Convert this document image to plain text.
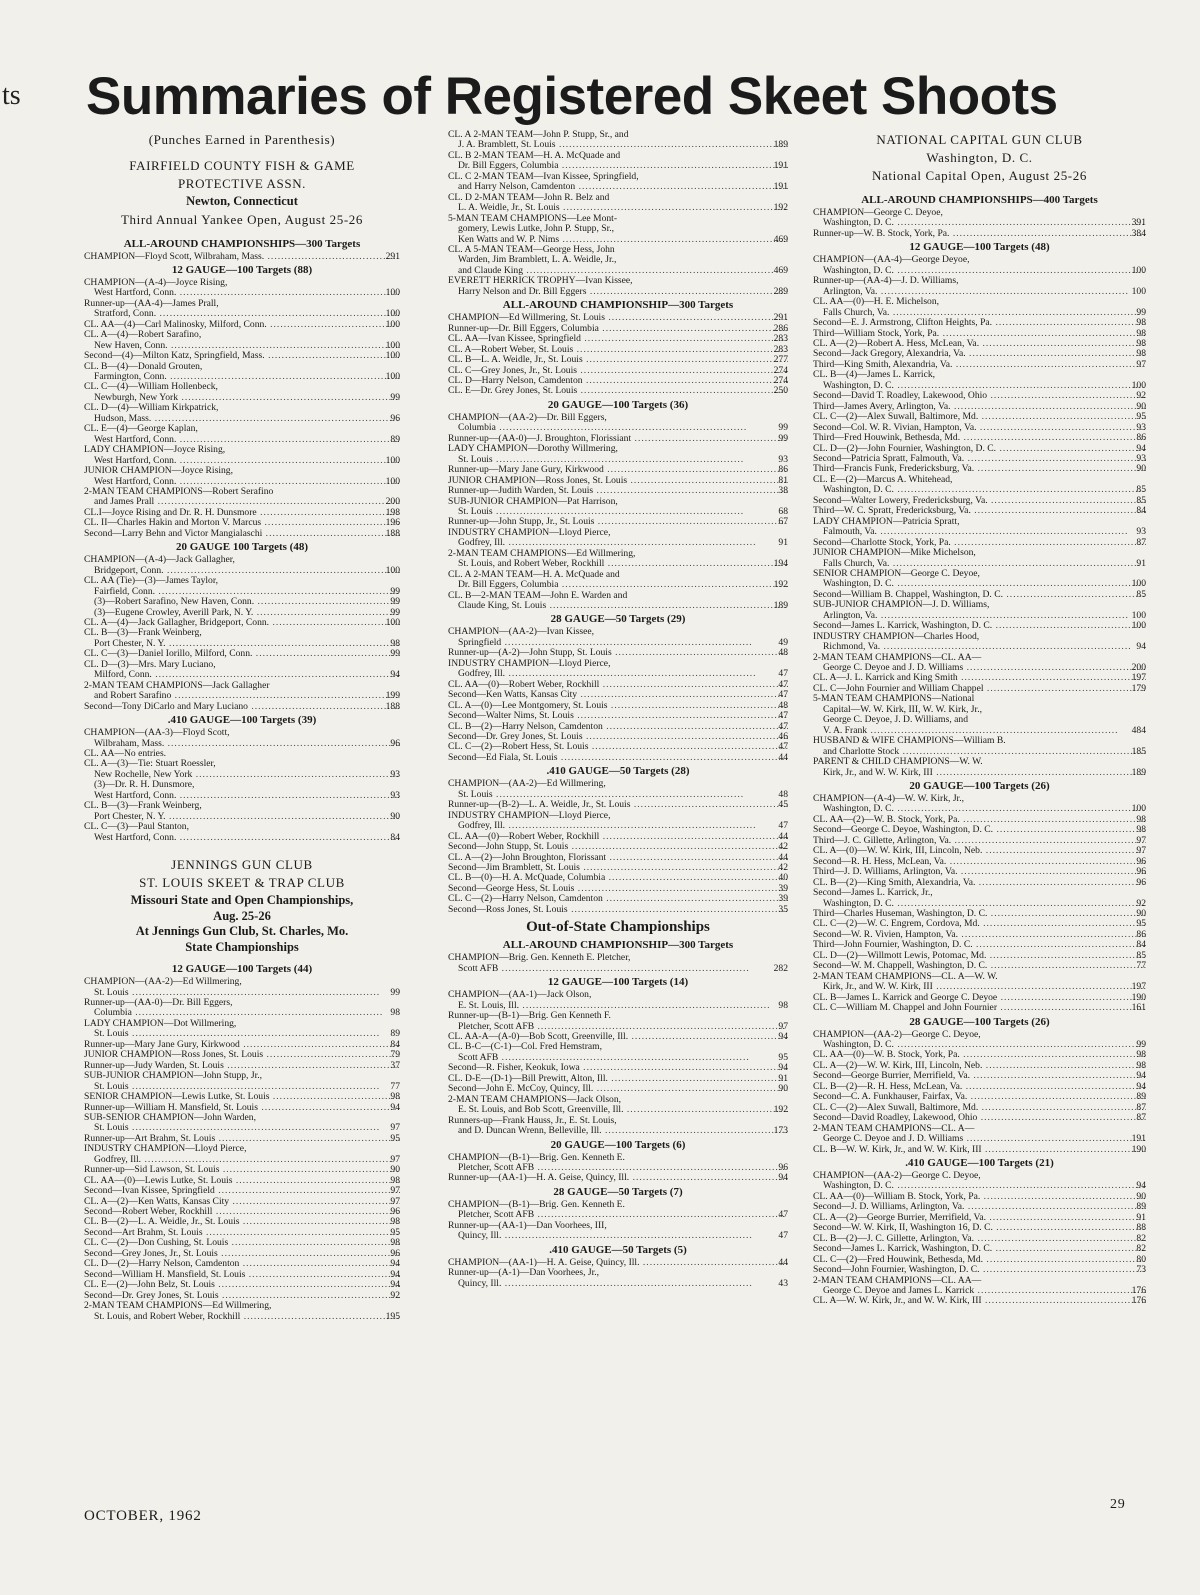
ts Summaries of Registered Skeet Shoots
(Punches Earned in Parenthesis)
FAIRFIELD COUNTY FISH & GAME
PROTECTIVE ASSN.
Newton, Connecticut
Third Annual Yankee Open, August 25-26
ALL-AROUND CHAMPIONSHIPS—300 Targets
CHAMPION—Floyd Scott, Wilbraham, Mass. .....	291
12 GAUGE—100 Targets (88)
CHAMPION—(A-4)—Joyce Rising,
West Hartford, Conn. .....	100
Runner-up—(AA-4)—James Prall,
Stratford, Conn. .....	100
CL. AA—(4)—Carl Malinosky, Milford, Conn. .....	100
CL. A—(4)—Robert Sarafino,
New Haven, Conn. .....	100
Second—(4)—Milton Katz, Springfield, Mass. .....	100
CL. B—(4)—Donald Grouten,
Farmington, Conn. .....	100
CL. C—(4)—William Hollenbeck,
Newburgh, New York .....	99
CL. D—(4)—William Kirkpatrick,
Hudson, Mass. .....	96
CL. E—(4)—George Kaplan,
West Hartford, Conn. .....	89
LADY CHAMPION—Joyce Rising,
West Hartford, Conn. .....	100
JUNIOR CHAMPION—Joyce Rising,
West Hartford, Conn. .....	100
2-MAN TEAM CHAMPIONS—Robert Serafino
and James Prall .....	200
CL.I—Joyce Rising and Dr. R. H. Dunsmore .....	198
CL. II—Charles Hakin and Morton V. Marcus .....	196
Second—Larry Behn and Victor Mangialaschi .....	188
20 GAUGE 100 Targets (48)
CHAMPION—(A-4)—Jack Gallagher,
Bridgeport, Conn. .....	100
CL. AA (Tie)—(3)—James Taylor,
Fairfield, Conn. .....	99
(3)—Robert Sarafino, New Haven, Conn. .....	99
(3)—Eugene Crowley, Averill Park, N. Y. .....	99
CL. A—(4)—Jack Gallagher, Bridgeport, Conn. .....	100
CL. B—(3)—Frank Weinberg,
Port Chester, N. Y. .....	98
CL. C—(3)—Daniel Iorillo, Milford, Conn. .....	99
CL. D—(3)—Mrs. Mary Luciano,
Milford, Conn. .....	94
2-MAN TEAM CHAMPIONS—Jack Gallagher
and Robert Sarafino .....	199
Second—Tony DiCarlo and Mary Luciano .....	188
.410 GAUGE—100 Targets (39)
CHAMPION—(AA-3)—Floyd Scott,
Wilbraham, Mass. .....	96
CL. AA—No entries.
CL. A—(3)—Tie: Stuart Roessler,
New Rochelle, New York .....	93
(3)—Dr. R. H. Dunsmore,
West Hartford, Conn. .....	93
CL. B—(3)—Frank Weinberg,
Port Chester, N. Y. .....	90
CL. C—(3)—Paul Stanton,
West Hartford, Conn. .....	84
JENNINGS GUN CLUB
ST. LOUIS SKEET & TRAP CLUB
Missouri State and Open Championships,
Aug. 25-26
At Jennings Gun Club, St. Charles, Mo.
State Championships
12 GAUGE—100 Targets (44)
CHAMPION—(AA-2)—Ed Willmering,
St. Louis .....	99
Runner-up—(AA-0)—Dr. Bill Eggers,
Columbia .....	98
LADY CHAMPION—Dot Willmering,
St. Louis .....	89
Runner-up—Mary Jane Gury, Kirkwood .....	84
JUNIOR CHAMPION—Ross Jones, St. Louis .....	79
Runner-up—Judy Warden, St. Louis .....	37
SUB-JUNIOR CHAMPION—John Stupp, Jr.,
St. Louis .....	77
SENIOR CHAMPION—Lewis Lutke, St. Louis .....	98
Runner-up—William H. Mansfield, St. Louis .....	94
SUB-SENIOR CHAMPION—John Warden,
St. Louis .....	97
Runner-up—Art Brahm, St. Louis .....	95
INDUSTRY CHAMPION—Lloyd Pierce,
Godfrey, Ill. .....	97
Runner-up—Sid Lawson, St. Louis .....	90
CL. AA—(0)—Lewis Lutke, St. Louis .....	98
Second—Ivan Kissee, Springfield .....	97
CL. A—(2)—Ken Watts, Kansas City .....	97
Second—Robert Weber, Rockhill .....	96
CL. B—(2)—L. A. Weidle, Jr., St. Louis .....	98
Second—Art Brahm, St. Louis .....	95
CL. C—(2)—Don Cushing, St. Louis .....	98
Second—Grey Jones, Jr., St. Louis .....	96
CL. D—(2)—Harry Nelson, Camdenton .....	94
Second—William H. Mansfield, St. Louis .....	94
CL. E—(2)—John Belz, St. Louis .....	94
Second—Dr. Grey Jones, St. Louis .....	92
2-MAN TEAM CHAMPIONS—Ed Willmering,
St. Louis, and Robert Weber, Rockhill .....	195
CL. A 2-MAN TEAM—John P. Stupp, Sr., and
J. A. Bramblett, St. Louis .....	189
CL. B 2-MAN TEAM—H. A. McQuade and
Dr. Bill Eggers, Columbia .....	191
CL. C 2-MAN TEAM—Ivan Kissee, Springfield,
and Harry Nelson, Camdenton .....	191
CL. D 2-MAN TEAM—John R. Belz and
L. A. Weidle, Jr., St. Louis .....	192
5-MAN TEAM CHAMPIONS—Lee Mont-
gomery, Lewis Lutke, John P. Stupp, Sr.,
Ken Watts and W. P. Nims .....	469
CL. A 5-MAN TEAM—George Hess, John
Warden, Jim Bramblett, L. A. Weidle, Jr.,
and Claude King .....	469
EVERETT HERRICK TROPHY—Ivan Kissee,
Harry Nelson and Dr. Bill Eggers .....	289
ALL-AROUND CHAMPIONSHIP—300 Targets
CHAMPION—Ed Willmering, St. Louis .....	291
Runner-up—Dr. Bill Eggers, Columbia .....	286
CL. AA—Ivan Kissee, Springfield .....	283
CL. A—Robert Weber, St. Louis .....	283
CL. B—L. A. Weidle, Jr., St. Louis .....	277
CL. C—Grey Jones, Jr., St. Louis .....	274
CL. D—Harry Nelson, Camdenton .....	274
CL. E—Dr. Grey Jones, St. Louis .....	250
20 GAUGE—100 Targets (36)
CHAMPION—(AA-2)—Dr. Bill Eggers,
Columbia .....	99
Runner-up—(AA-0)—J. Broughton, Florissiant .....	99
LADY CHAMPION—Dorothy Willmering,
St. Louis .....	93
Runner-up—Mary Jane Gury, Kirkwood .....	86
JUNIOR CHAMPION—Ross Jones, St. Louis .....	81
Runner-up—Judith Warden, St. Louis .....	38
SUB-JUNIOR CHAMPION—Pat Harrison,
St. Louis .....	68
Runner-up—John Stupp, Jr., St. Louis .....	67
INDUSTRY CHAMPION—Lloyd Pierce,
Godfrey, Ill. .....	91
2-MAN TEAM CHAMPIONS—Ed Willmering,
St. Louis, and Robert Weber, Rockhill .....	194
CL. A 2-MAN TEAM—H. A. McQuade and
Dr. Bill Eggers, Columbia .....	192
CL. B—2-MAN TEAM—John E. Warden and
Claude King, St. Louis .....	189
28 GAUGE—50 Targets (29)
CHAMPION—(AA-2)—Ivan Kissee,
Springfield .....	49
Runner-up—(A-2)—John Stupp, St. Louis .....	48
INDUSTRY CHAMPION—Lloyd Pierce,
Godfrey, Ill. .....	47
CL. AA—(0)—Robert Weber, Rockhill .....	47
Second—Ken Watts, Kansas City .....	47
CL. A—(0)—Lee Montgomery, St. Louis .....	48
Second—Walter Nims, St. Louis .....	47
CL. B—(2)—Harry Nelson, Camdenton .....	47
Second—Dr. Grey Jones, St. Louis .....	46
CL. C—(2)—Robert Hess, St. Louis .....	47
Second—Ed Fiala, St. Louis .....	44
.410 GAUGE—50 Targets (28)
CHAMPION—(AA-2)—Ed Willmering,
St. Louis .....	48
Runner-up—(B-2)—L. A. Weidle, Jr., St. Louis .....	45
INDUSTRY CHAMPION—Lloyd Pierce,
Godfrey, Ill. .....	47
CL. AA—(0)—Robert Weber, Rockhill .....	44
Second—John Stupp, St. Louis .....	42
CL. A—(2)—John Broughton, Florissant .....	44
Second—Jim Bramblett, St. Louis .....	42
CL. B—(0)—H. A. McQuade, Columbia .....	40
Second—George Hess, St. Louis .....	39
CL. C—(2)—Harry Nelson, Camdenton .....	39
Second—Ross Jones, St. Louis .....	35
Out-of-State Championships
ALL-AROUND CHAMPIONSHIP—300 Targets
CHAMPION—Brig. Gen. Kenneth E. Pletcher,
Scott AFB .....	282
12 GAUGE—100 Targets (14)
CHAMPION—(AA-1)—Jack Olson,
E. St. Louis, Ill. .....	98
Runner-up—(B-1)—Brig. Gen Kenneth F.
Pletcher, Scott AFB .....	97
CL. AA-A—(A-0)—Bob Scott, Greenville, Ill. .....	94
CL. B-C—(C-1)—Col. Fred Hemstram,
Scott AFB .....	95
Second—R. Fisher, Keokuk, Iowa .....	94
CL. D-E—(D-1)—Bill Prewitt, Alton, Ill. .....	91
Second—John E. McCoy, Quincy, Ill. .....	90
2-MAN TEAM CHAMPIONS—Jack Olson,
E. St. Louis, and Bob Scott, Greenville, Ill. .....	192
Runners-up—Frank Hauss, Jr., E. St. Louis,
and D. Duncan Wrenn, Belleville, Ill. .....	173
20 GAUGE—100 Targets (6)
CHAMPION—(B-1)—Brig. Gen. Kenneth E.
Pletcher, Scott AFB .....	96
Runner-up—(AA-1)—H. A. Geise, Quincy, Ill. .....	94
28 GAUGE—50 Targets (7)
CHAMPION—(B-1)—Brig. Gen. Kenneth E.
Pletcher, Scott AFB .....	47
Runner-up—(AA-1)—Dan Voorhees, III,
Quincy, Ill. .....	47
.410 GAUGE—50 Targets (5)
CHAMPION—(AA-1)—H. A. Geise, Quincy, Ill. .....	44
Runner-up—(A-1)—Dan Voorhees, Jr.,
Quincy, Ill. .....	43
NATIONAL CAPITAL GUN CLUB
Washington, D. C.
National Capital Open, August 25-26
ALL-AROUND CHAMPIONSHIPS—400 Targets
CHAMPION—George C. Deyoe,
Washington, D. C. .....	391
Runner-up—W. B. Stock, York, Pa. .....	384
12 GAUGE—100 Targets (48)
CHAMPION—(AA-4)—George Deyoe,
Washington, D. C. .....	100
Runner-up—(AA-4)—J. D. Williams,
Arlington, Va. .....	100
CL. AA—(0)—H. E. Michelson,
Falls Church, Va. .....	99
Second—E. J. Armstrong, Clifton Heights, Pa. .....	98
Third—William Stock, York, Pa. .....	98
CL. A—(2)—Robert A. Hess, McLean, Va. .....	98
Second—Jack Gregory, Alexandria, Va. .....	98
Third—King Smith, Alexandria, Va. .....	97
CL. B—(4)—James L. Karrick,
Washington, D. C. .....	100
Second—David T. Roadley, Lakewood, Ohio .....	92
Third—James Avery, Arlington, Va. .....	90
CL. C—(2)—Alex Suwall, Baltimore, Md. .....	95
Second—Col. W. R. Vivian, Hampton, Va. .....	93
Third—Fred Houwink, Bethesda, Md. .....	86
CL. D—(2)—John Fournier, Washington, D. C. .....	94
Second—Patricia Spratt, Falmouth, Va. .....	93
Third—Francis Funk, Fredericksburg, Va. .....	90
CL. E—(2)—Marcus A. Whitehead,
Washington, D. C. .....	85
Second—Walter Lowery, Fredericksburg, Va. .....	85
Third—W. C. Spratt, Fredericksburg, Va. .....	84
LADY CHAMPION—Patricia Spratt,
Falmouth, Va. .....	93
Second—Charlotte Stock, York, Pa. .....	87
JUNIOR CHAMPION—Mike Michelson,
Falls Church, Va. .....	91
SENIOR CHAMPION—George C. Deyoe,
Washington, D. C. .....	100
Second—William B. Chappel, Washington, D. C. .....	85
SUB-JUNIOR CHAMPION—J. D. Williams,
Arlington, Va. .....	100
Second—James L. Karrick, Washington, D. C. .....	100
INDUSTRY CHAMPION—Charles Hood,
Richmond, Va. .....	94
2-MAN TEAM CHAMPIONS—CL. AA—
George C. Deyoe and J. D. Williams .....	200
CL. A—J. L. Karrick and King Smith .....	197
CL. C—John Fournier and William Chappel .....	179
5-MAN TEAM CHAMPIONS—National
Capital—W. W. Kirk, III, W. W. Kirk, Jr.,
George C. Deyoe, J. D. Williams, and
V. A. Frank .....	484
HUSBAND & WIFE CHAMPIONS—William B.
and Charlotte Stock .....	185
PARENT & CHILD CHAMPIONS—W. W.
Kirk, Jr., and W. W. Kirk, III .....	189
20 GAUGE—100 Targets (26)
CHAMPION—(A-4)—W. W. Kirk, Jr.,
Washington, D. C. .....	100
CL. AA—(2)—W. B. Stock, York, Pa. .....	98
Second—George C. Deyoe, Washington, D. C. .....	98
Third—J. C. Gillette, Arlington, Va. .....	97
CL. A—(0)—W. W. Kirk, III, Lincoln, Neb. .....	97
Second—R. H. Hess, McLean, Va. .....	96
Third—J. D. Williams, Arlington, Va. .....	96
CL. B—(2)—King Smith, Alexandria, Va. .....	96
Second—James L. Karrick, Jr.,
Washington, D. C. .....	92
Third—Charles Huseman, Washington, D. C. .....	90
CL. C—(2)—W. C. Engrem, Cordova, Md. .....	95
Second—W. R. Vivien, Hampton, Va. .....	86
Third—John Fournier, Washington, D. C. .....	84
CL. D—(2)—Willmott Lewis, Potomac, Md. .....	85
Second—W. M. Chappell, Washington, D. C. .....	77
2-MAN TEAM CHAMPIONS—CL. A—W. W.
Kirk, Jr., and W. W. Kirk, III .....	197
CL. B—James L. Karrick and George C. Deyoe .....	190
CL. C—William M. Chappel and John Fournier .....	161
28 GAUGE—100 Targets (26)
CHAMPION—(AA-2)—George C. Deyoe,
Washington, D. C. .....	99
CL. AA—(0)—W. B. Stock, York, Pa. .....	98
CL. A—(2)—W. W. Kirk, III, Lincoln, Neb. .....	98
Second—George Burrier, Merrifield, Va. .....	94
CL. B—(2)—R. H. Hess, McLean, Va. .....	94
Second—C. A. Funkhauser, Fairfax, Va. .....	89
CL. C—(2)—Alex Suwall, Baltimore, Md. .....	87
Second—David Roadley, Lakewood, Ohio .....	87
2-MAN TEAM CHAMPIONS—CL. A—
George C. Deyoe and J. D. Williams .....	191
CL. B—W. W. Kirk, Jr., and W. W. Kirk, III .....	190
.410 GAUGE—100 Targets (21)
CHAMPION—(AA-2)—George C. Deyoe,
Washington, D. C. .....	94
CL. AA—(0)—William B. Stock, York, Pa. .....	90
Second—J. D. Williams, Arlington, Va. .....	89
CL. A—(2)—George Burrier, Merrifield, Va. .....	91
Second—W. W. Kirk, II, Washington 16, D. C. .....	88
CL. B—(2)—J. C. Gillette, Arlington, Va. .....	82
Second—James L. Karrick, Washington, D. C. .....	82
CL. C—(2)—Fred Houwink, Bethesda, Md. .....	80
Second—John Fournier, Washington, D. C. .....	73
2-MAN TEAM CHAMPIONS—CL. AA—
George C. Deyoe and James L. Karrick .....	176
CL. A—W. W. Kirk, Jr., and W. W. Kirk, III .....	176
OCTOBER, 1962
29
